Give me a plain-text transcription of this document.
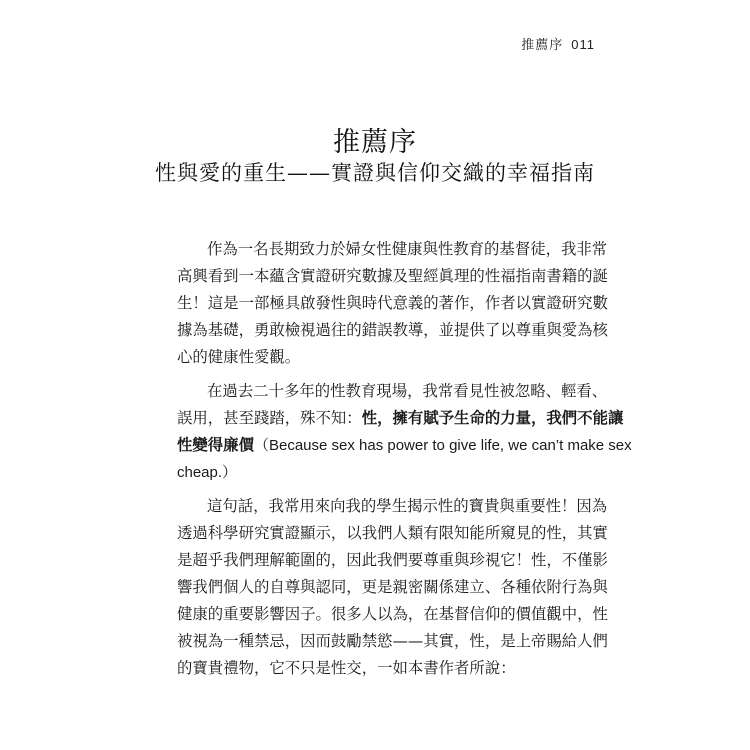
推薦序 011
推薦序
性與愛的重生——實證與信仰交織的幸福指南
作為一名長期致力於婦女性健康與性教育的基督徒，我非常
高興看到一本蘊含實證研究數據及聖經眞理的性福指南書籍的誕
生！這是一部極具啟發性與時代意義的著作，作者以實證研究數
據為基礎，勇敢檢視過往的錯誤教導，並提供了以尊重與愛為核
心的健康性愛觀。
在過去二十多年的性教育現場，我常看見性被忽略、輕看、
誤用，甚至踐踏，殊不知：性，擁有賦予生命的力量，我們不能讓
性變得廉價（Because sex has power to give life, we can’t make sex
cheap.）
這句話，我常用來向我的學生揭示性的寶貴與重要性！因為
透過科學研究實證顯示，以我們人類有限知能所窺見的性，其實
是超乎我們理解範圍的，因此我們要尊重與珍視它！性，不僅影
響我們個人的自尊與認同，更是親密關係建立、各種依附行為與
健康的重要影響因子。很多人以為，在基督信仰的價值觀中，性
被視為一種禁忌，因而鼓勵禁慾——其實，性，是上帝賜給人們
的寶貴禮物，它不只是性交，一如本書作者所說：
